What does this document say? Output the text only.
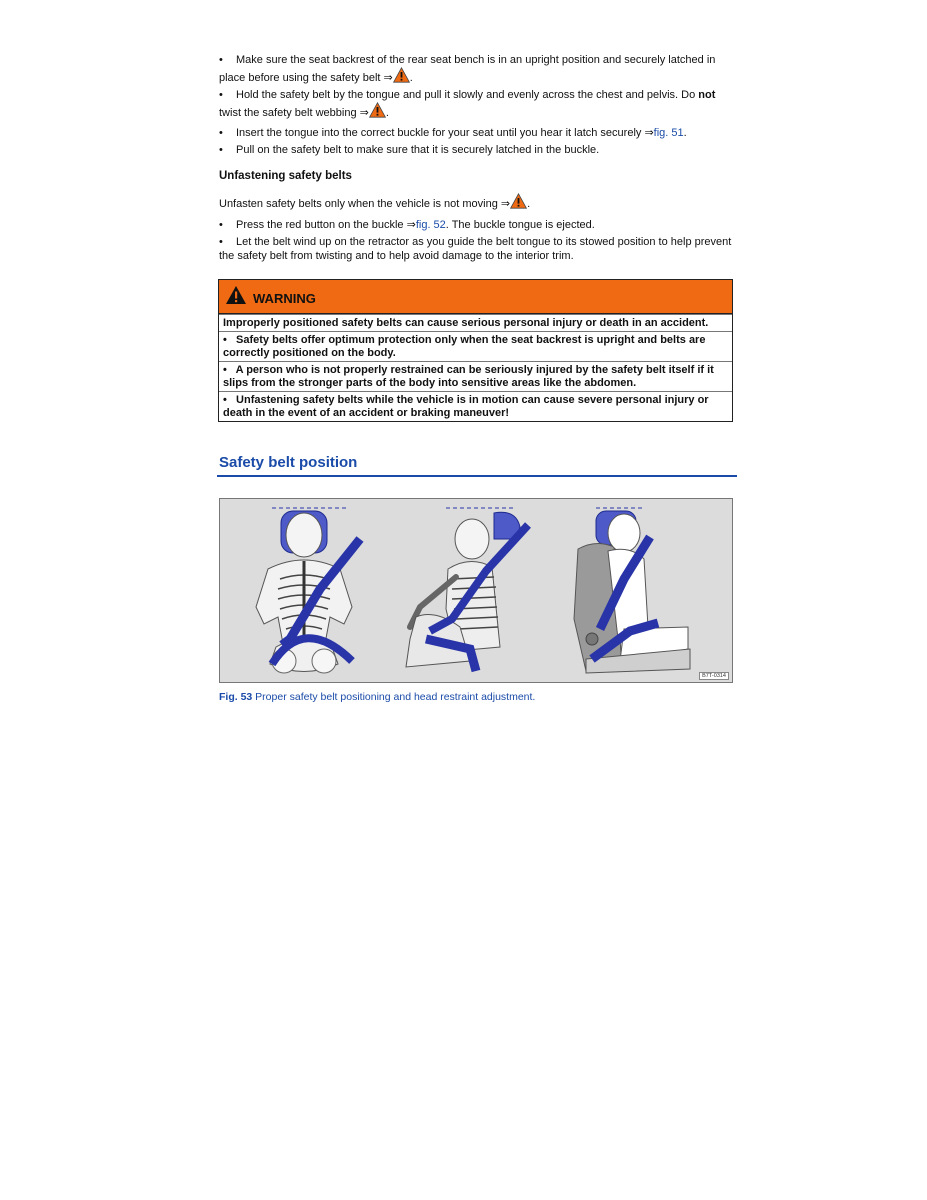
• Make sure the seat backrest of the rear seat bench is in an upright position and securely latched in place before using the safety belt ⇒ .
• Hold the safety belt by the tongue and pull it slowly and evenly across the chest and pelvis. Do not twist the safety belt webbing ⇒ .
• Insert the tongue into the correct buckle for your seat until you hear it latch securely ⇒fig. 51.
• Pull on the safety belt to make sure that it is securely latched in the buckle.
Unfastening safety belts
Unfasten safety belts only when the vehicle is not moving ⇒ .
• Press the red button on the buckle ⇒fig. 52. The buckle tongue is ejected.
• Let the belt wind up on the retractor as you guide the belt tongue to its stowed position to help prevent the safety belt from twisting and to help avoid damage to the interior trim.
WARNING
Improperly positioned safety belts can cause serious personal injury or death in an accident.
• Safety belts offer optimum protection only when the seat backrest is upright and belts are correctly positioned on the body.
• A person who is not properly restrained can be seriously injured by the safety belt itself if it slips from the stronger parts of the body into sensitive areas like the abdomen.
• Unfastening safety belts while the vehicle is in motion can cause severe personal injury or death in the event of an accident or braking maneuver!
Safety belt position
B7T-0314
Fig. 53 Proper safety belt positioning and head restraint adjustment.
